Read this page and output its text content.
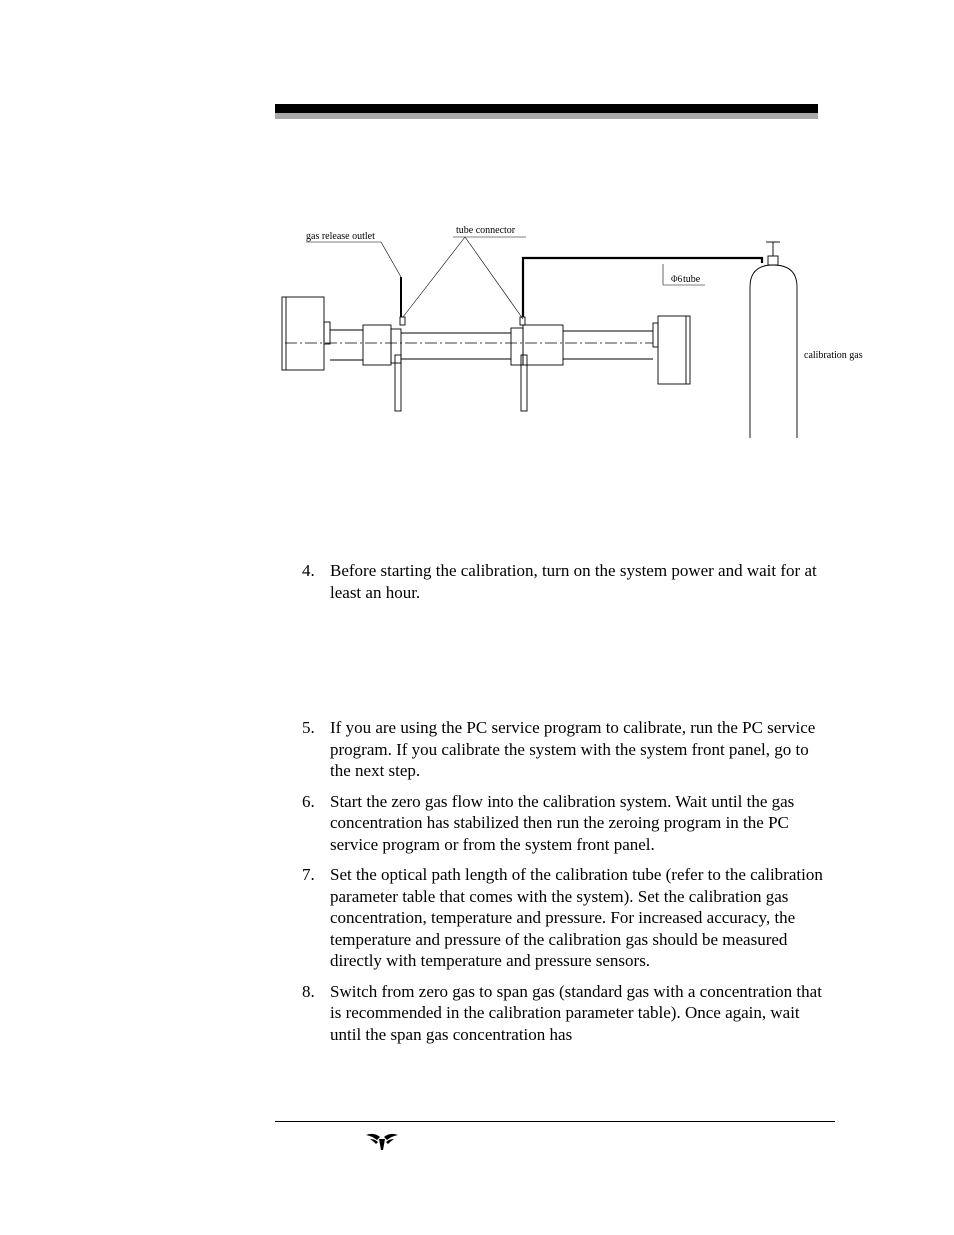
gas release outlet
tube connector
Φ6 tube
calibration gas
4. Before starting the calibration, turn on the system power and wait for at least an hour.
5. If you are using the PC service program to calibrate, run the PC service program. If you calibrate the system with the system front panel, go to the next step.
6. Start the zero gas flow into the calibration system. Wait until the gas concentration has stabilized then run the zeroing program in the PC service program or from the system front panel.
7. Set the optical path length of the calibration tube (refer to the calibration parameter table that comes with the system). Set the calibration gas concentration, temperature and pressure. For increased accuracy, the temperature and pressure of the calibration gas should be measured directly with temperature and pressure sensors.
8. Switch from zero gas to span gas (standard gas with a concentration that is recommended in the calibration parameter table). Once again, wait until the span gas concentration has
